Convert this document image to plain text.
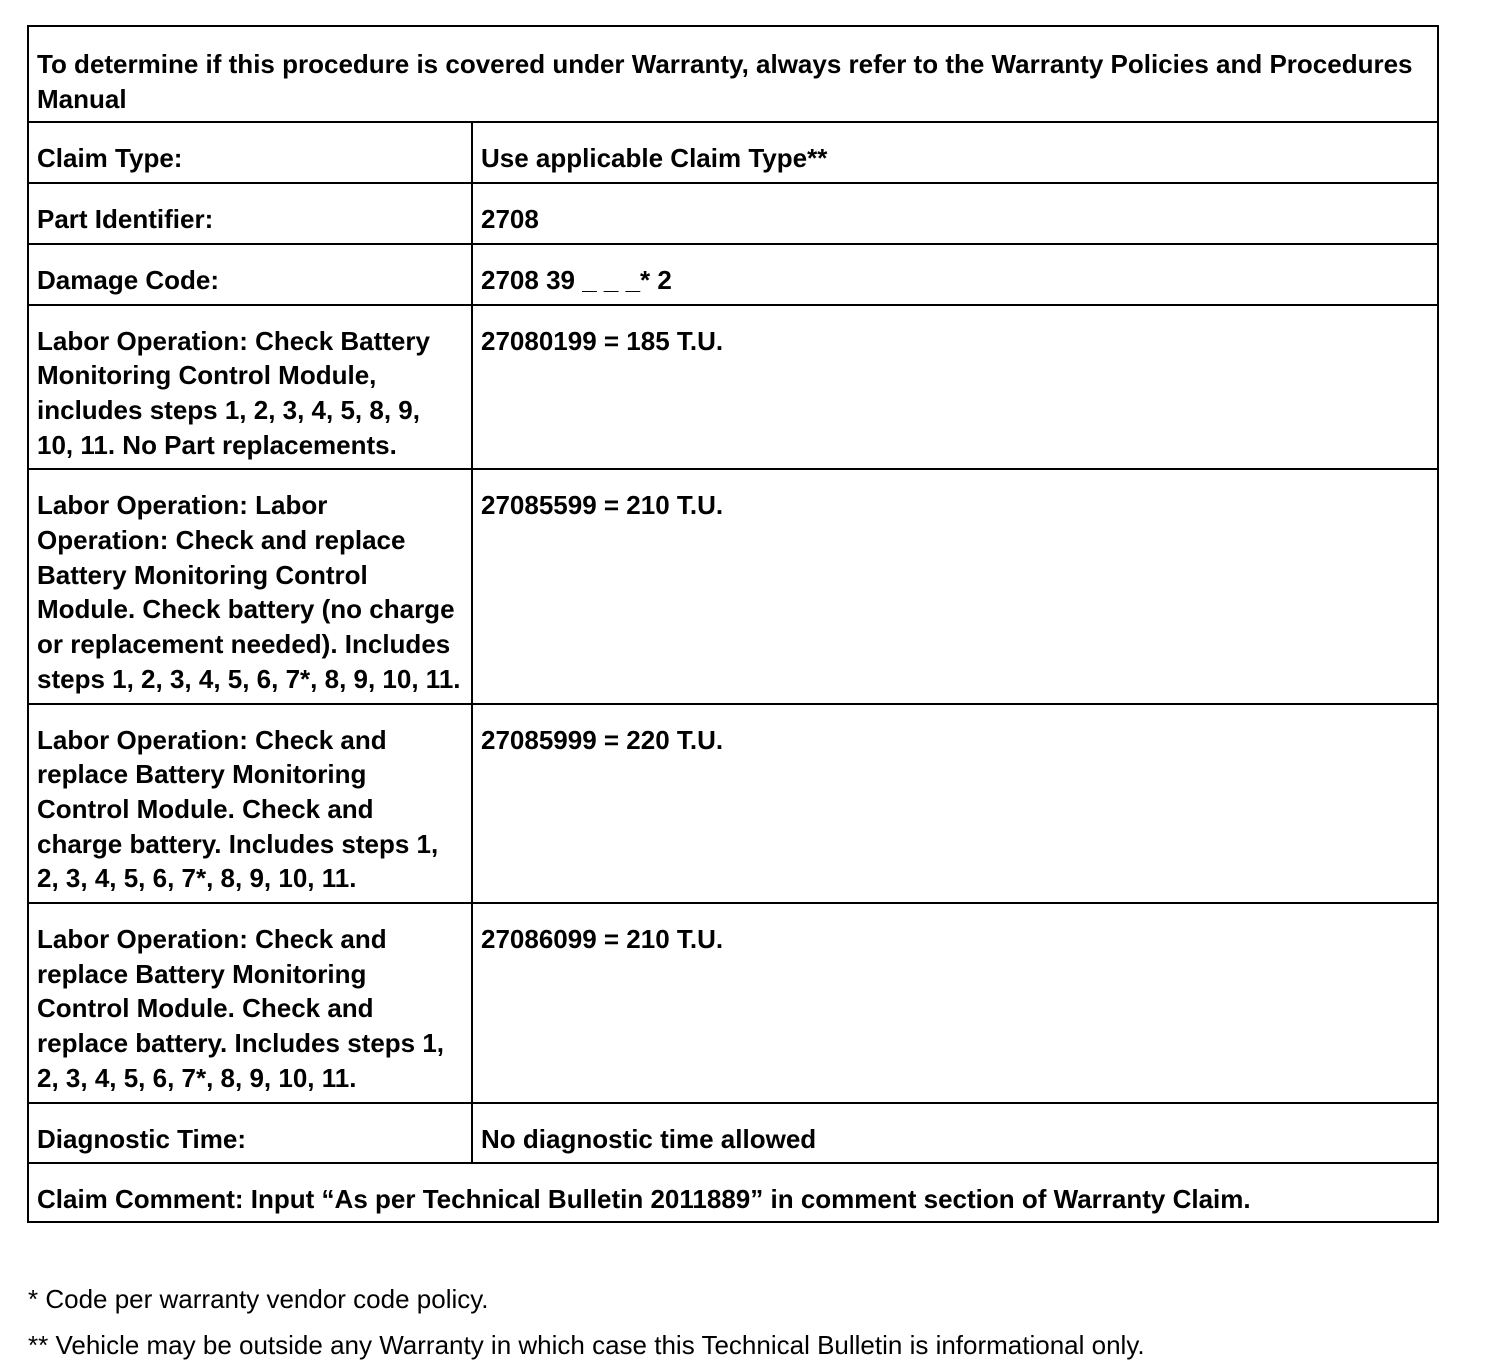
To determine if this procedure is covered under Warranty, always refer to the Warranty Policies and Procedures Manual	
Claim Type:	Use applicable Claim Type**
Part Identifier:	2708
Damage Code:	2708 39 _ _ _* 2
Labor Operation: Check Battery Monitoring Control Module, includes steps 1, 2, 3, 4, 5, 8, 9, 10, 11. No Part replacements.	27080199 = 185 T.U.
Labor Operation: Labor Operation: Check and replace Battery Monitoring Control Module. Check battery (no charge or replacement needed). Includes steps 1, 2, 3, 4, 5, 6, 7*, 8, 9, 10, 11.	27085599 = 210 T.U.
Labor Operation: Check and replace Battery Monitoring Control Module. Check and charge battery. Includes steps 1, 2, 3, 4, 5, 6, 7*, 8, 9, 10, 11.	27085999 = 220 T.U.
Labor Operation: Check and replace Battery Monitoring Control Module. Check and replace battery. Includes steps 1, 2, 3, 4, 5, 6, 7*, 8, 9, 10, 11.	27086099 = 210 T.U.
Diagnostic Time:	No diagnostic time allowed
Claim Comment: Input “As per Technical Bulletin 2011889” in comment section of Warranty Claim.	
* Code per warranty vendor code policy.
** Vehicle may be outside any Warranty in which case this Technical Bulletin is informational only.
